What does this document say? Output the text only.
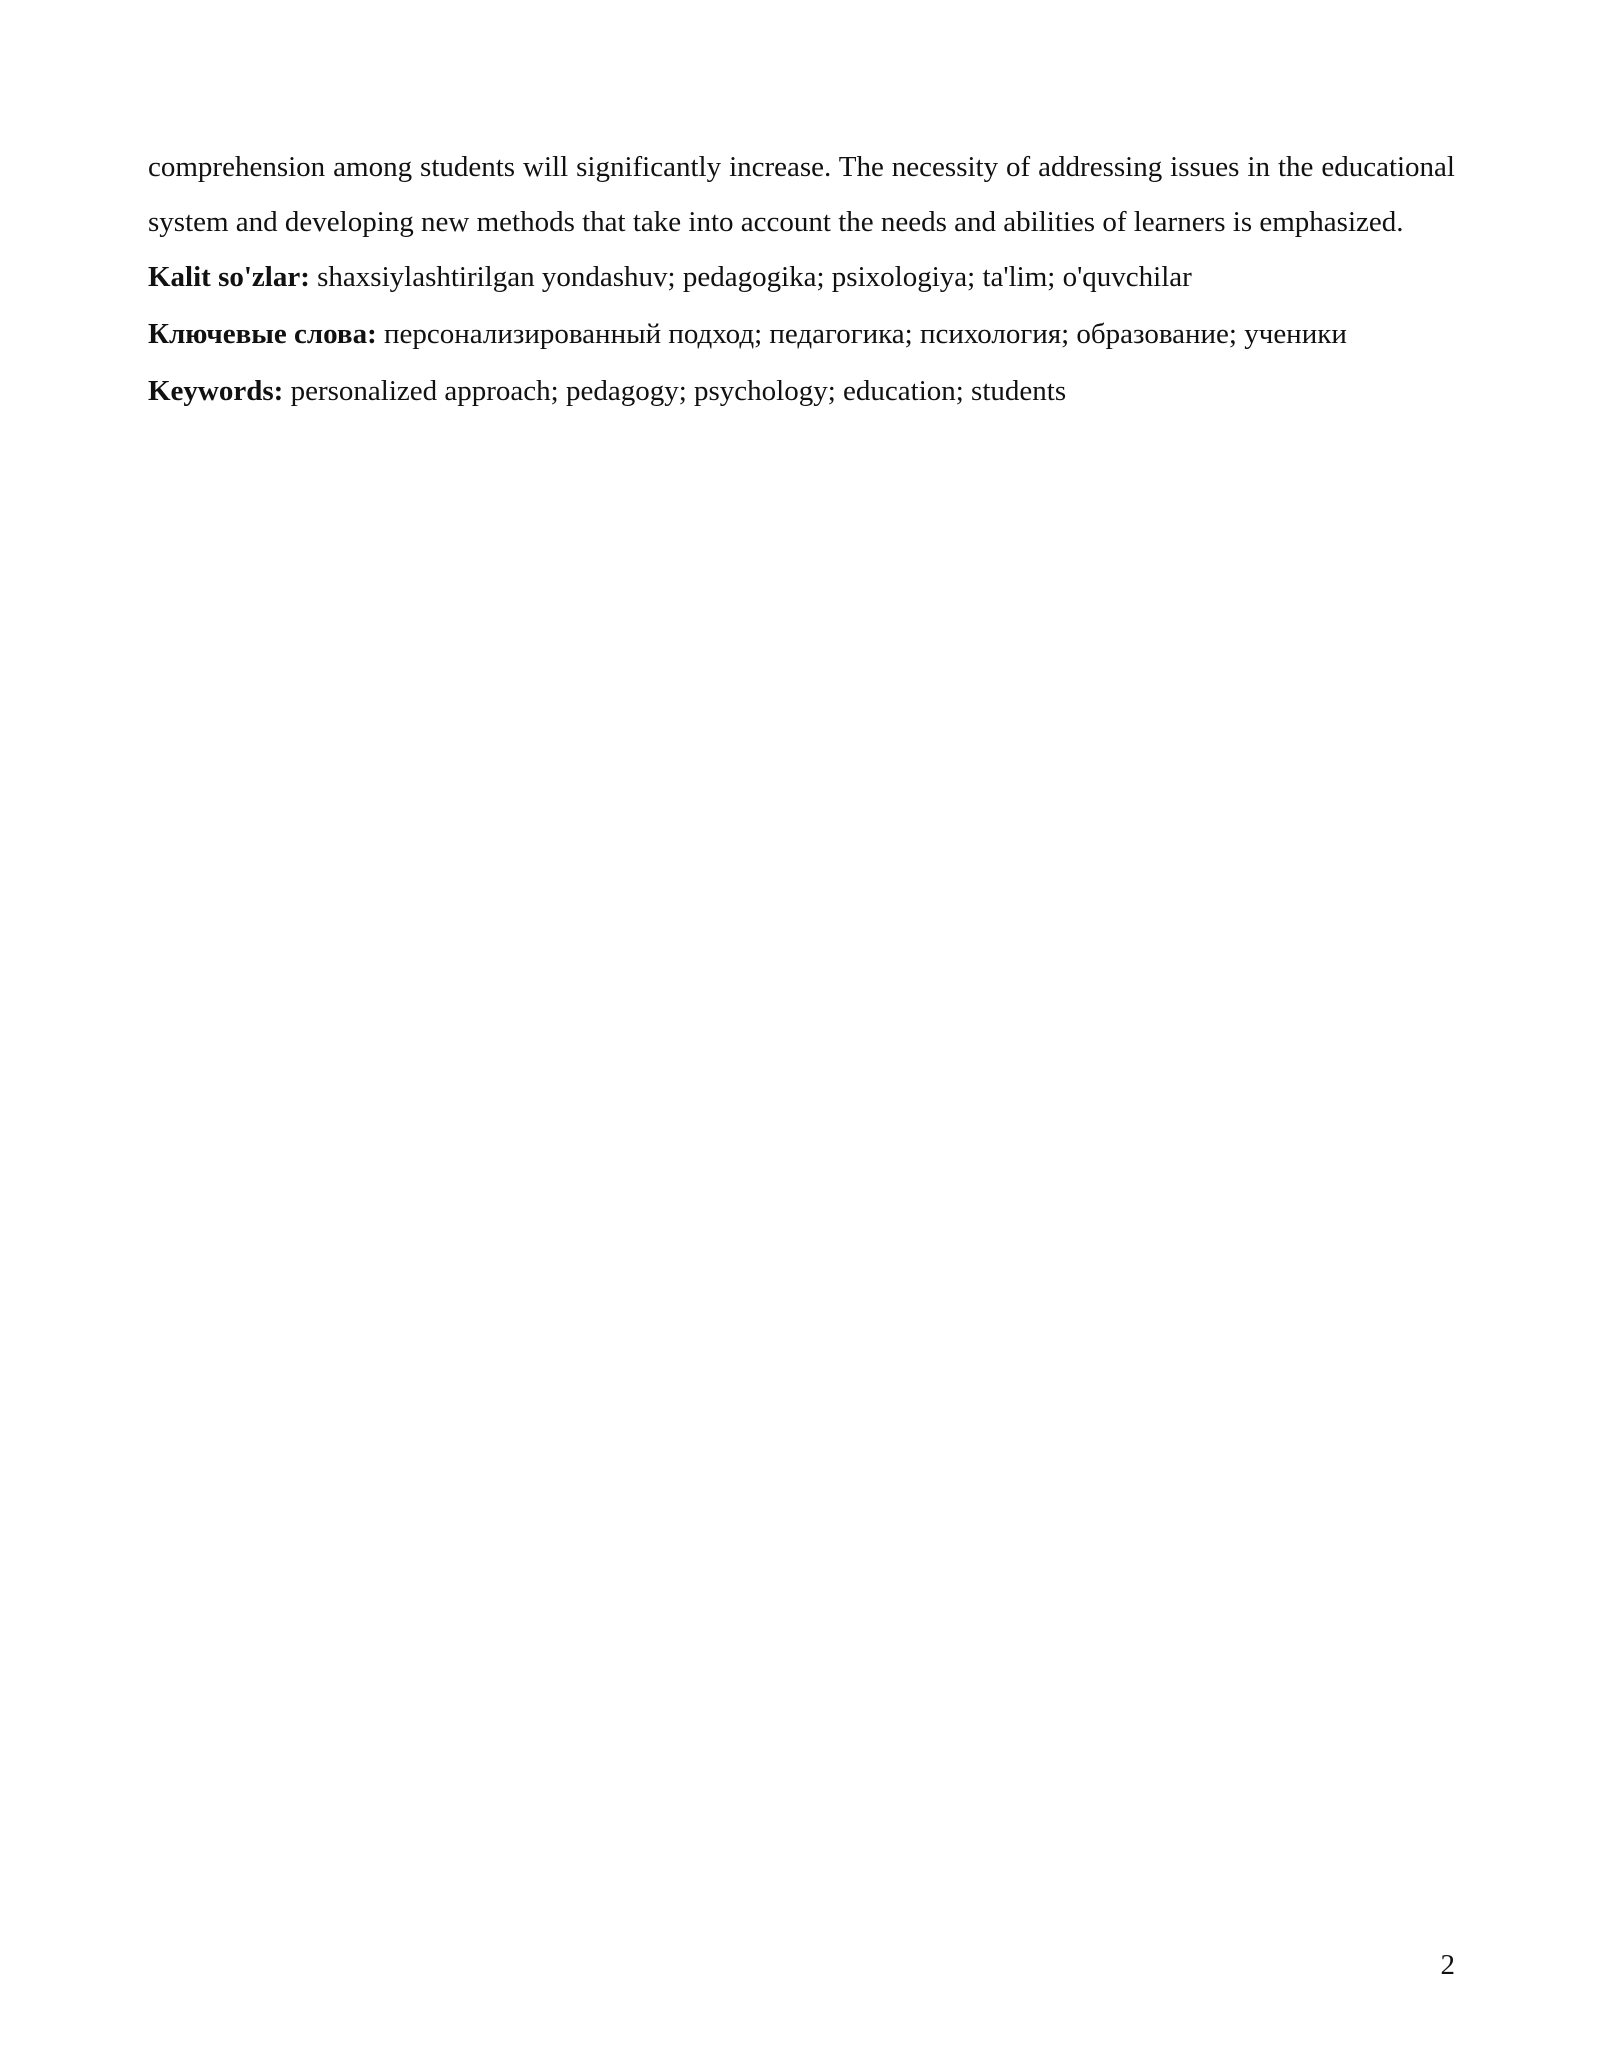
comprehension among students will significantly increase. The necessity of addressing issues in the educational system and developing new methods that take into account the needs and abilities of learners is emphasized.

Kalit so'zlar: shaxsiylashtirilgan yondashuv; pedagogika; psixologiya; ta'lim; o'quvchilar

Ключевые слова: персонализированный подход; педагогика; психология; образование; ученики

Keywords: personalized approach; pedagogy; psychology; education; students

2
